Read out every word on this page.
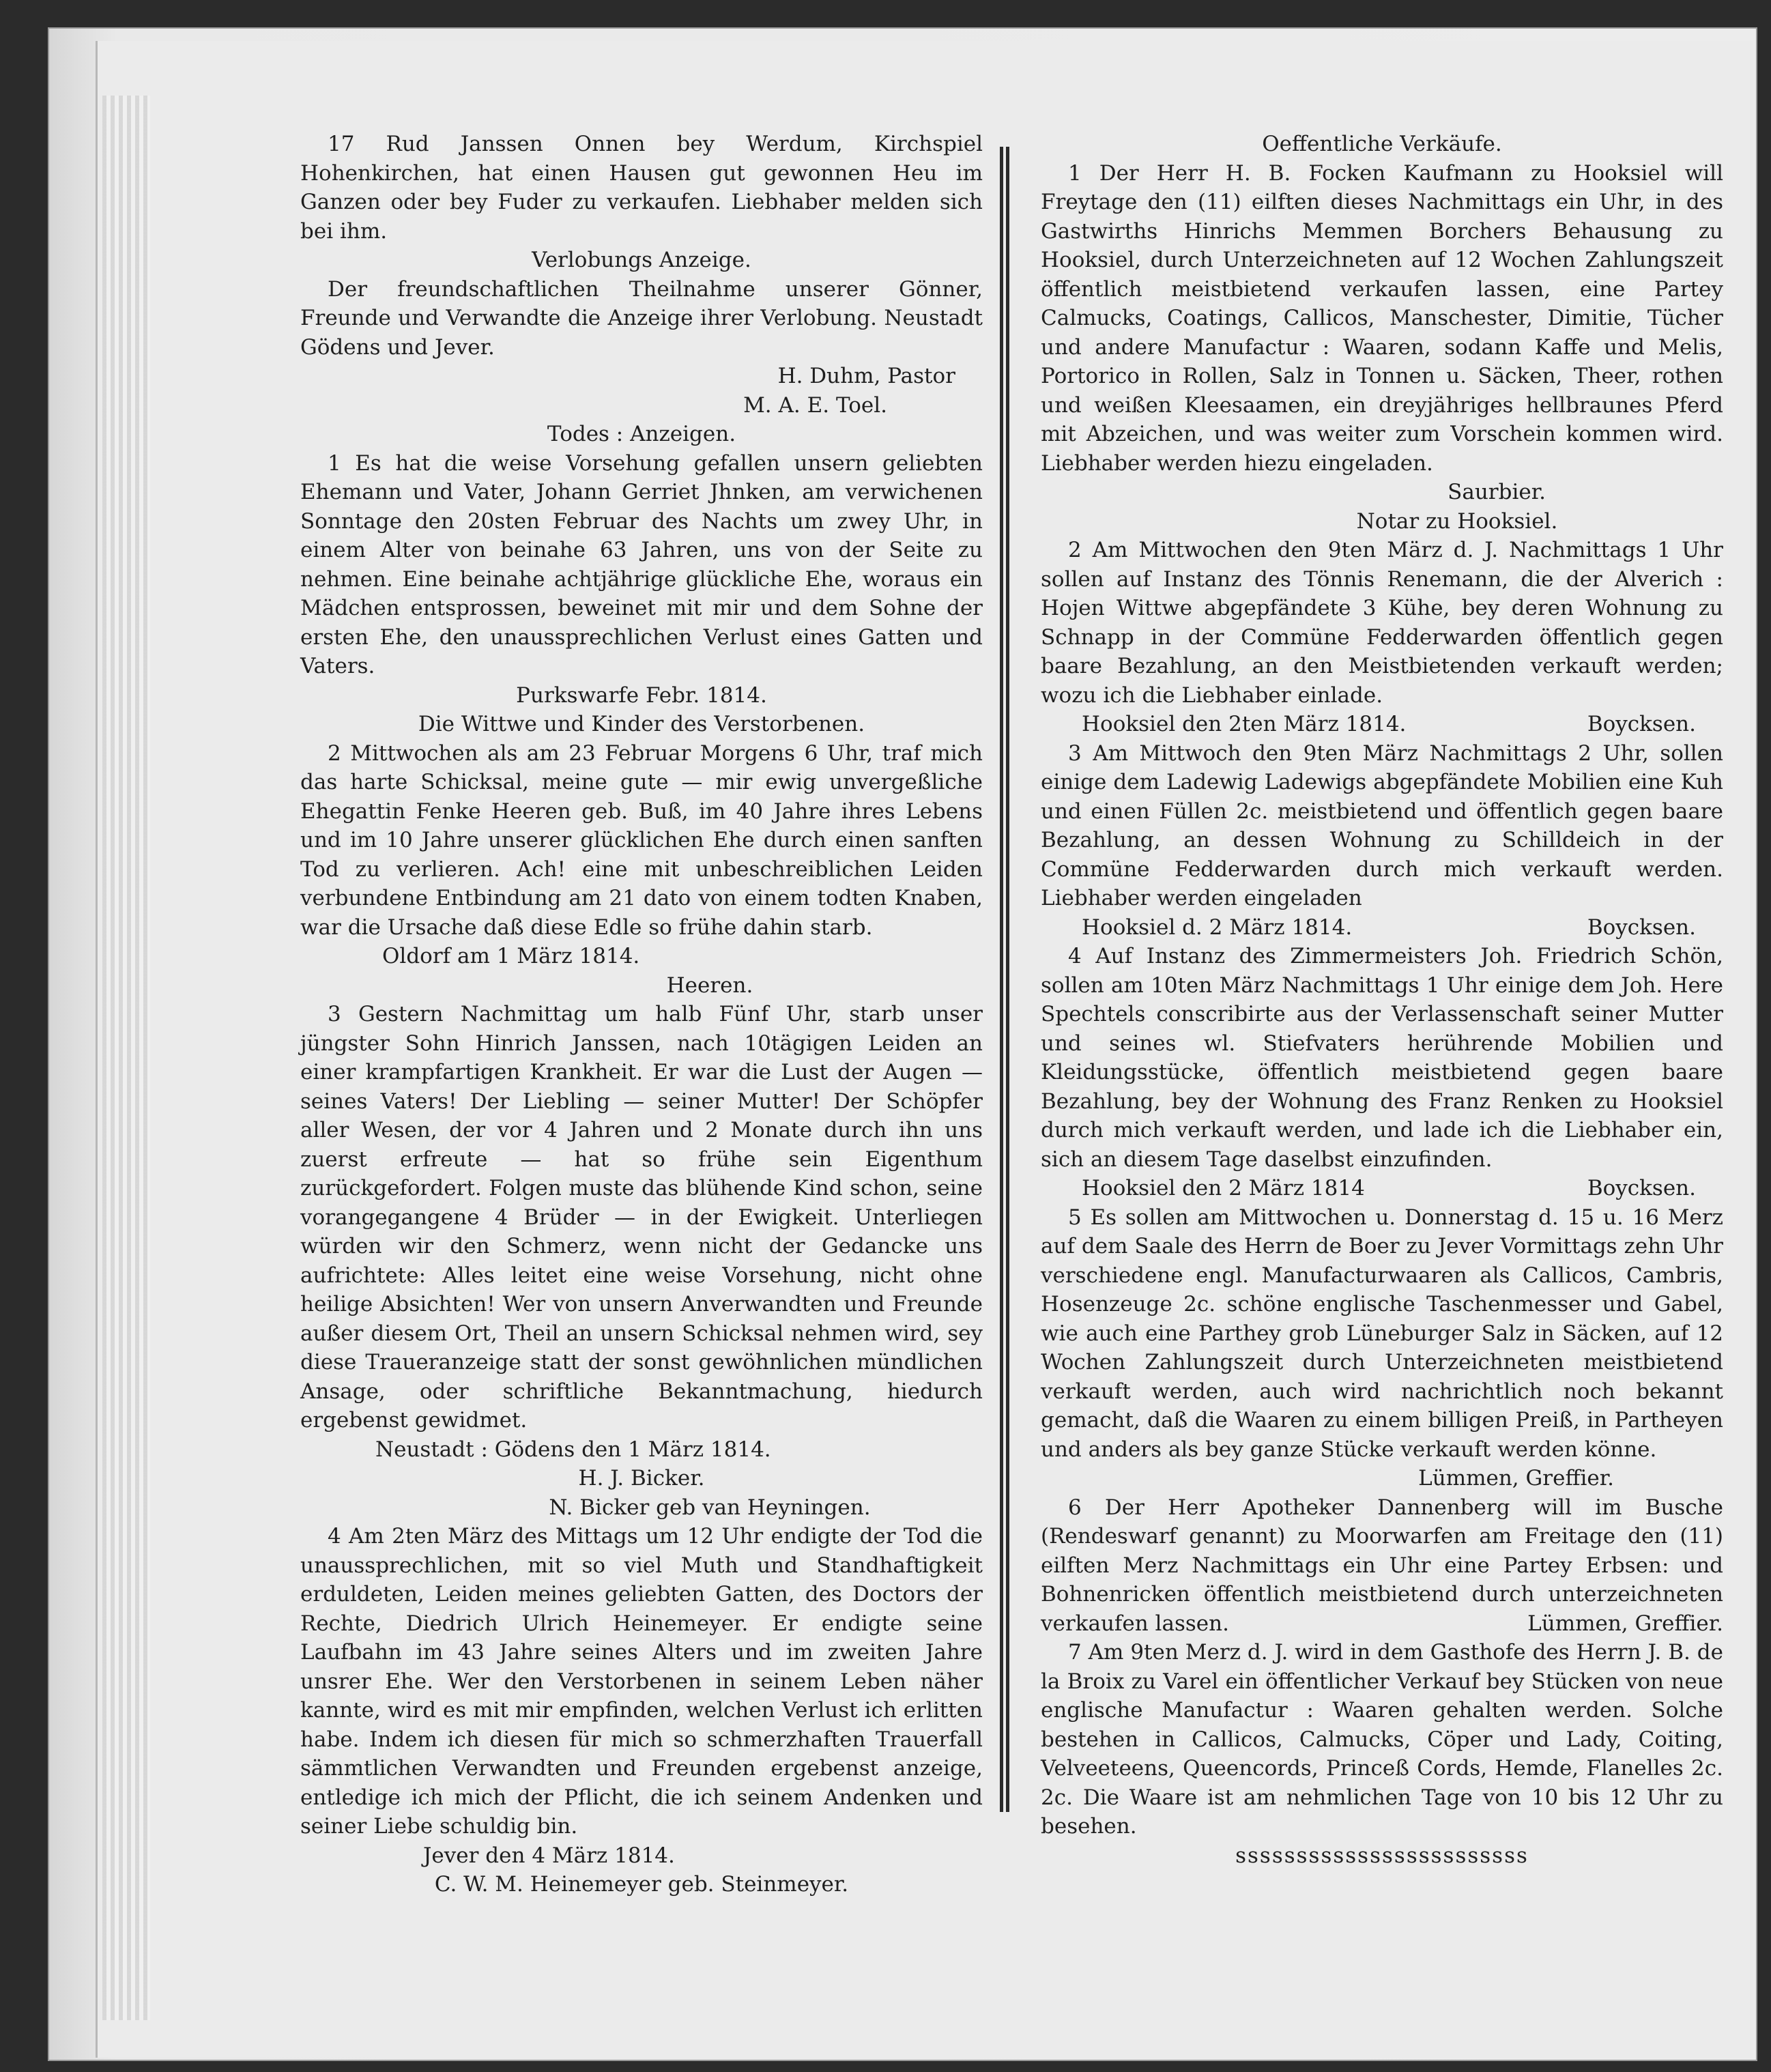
17 Rud Janssen Onnen bey Werdum, Kirchspiel Hohenkirchen, hat einen Hausen gut gewonnen Heu im Ganzen oder bey Fuder zu verkaufen. Liebhaber melden sich bei ihm.

Verlobungs Anzeige.

Der freundschaftlichen Theilnahme unserer Gönner, Freunde und Verwandte die Anzeige ihrer Verlobung. Neustadt Gödens und Jever.

H. Duhm, Pastor

M. A. E. Toel.

Todes : Anzeigen.

1 Es hat die weise Vorsehung gefallen unsern geliebten Ehemann und Vater, Johann Gerriet Jhnken, am verwichenen Sonntage den 20sten Februar des Nachts um zwey Uhr, in einem Alter von beinahe 63 Jahren, uns von der Seite zu nehmen. Eine beinahe achtjährige glückliche Ehe, woraus ein Mädchen entsprossen, beweinet mit mir und dem Sohne der ersten Ehe, den unaussprechlichen Verlust eines Gatten und Vaters.

Purkswarfe Febr. 1814.

Die Wittwe und Kinder des Verstorbenen.

2 Mittwochen als am 23 Februar Morgens 6 Uhr, traf mich das harte Schicksal, meine gute — mir ewig unvergeßliche Ehegattin Fenke Heeren geb. Buß, im 40 Jahre ihres Lebens und im 10 Jahre unserer glücklichen Ehe durch einen sanften Tod zu verlieren. Ach! eine mit unbeschreiblichen Leiden verbundene Entbindung am 21 dato von einem todten Knaben, war die Ursache daß diese Edle so frühe dahin starb.

Oldorf am 1 März 1814.

Heeren.

3 Gestern Nachmittag um halb Fünf Uhr, starb unser jüngster Sohn Hinrich Janssen, nach 10tägigen Leiden an einer krampfartigen Krankheit. Er war die Lust der Augen — seines Vaters! Der Liebling — seiner Mutter! Der Schöpfer aller Wesen, der vor 4 Jahren und 2 Monate durch ihn uns zuerst erfreute — hat so frühe sein Eigenthum zurückgefordert. Folgen muste das blühende Kind schon, seine vorangegangene 4 Brüder — in der Ewigkeit. Unterliegen würden wir den Schmerz, wenn nicht der Gedancke uns aufrichtete: Alles leitet eine weise Vorsehung, nicht ohne heilige Absichten! Wer von unsern Anverwandten und Freunde außer diesem Ort, Theil an unsern Schicksal nehmen wird, sey diese Traueranzeige statt der sonst gewöhnlichen mündlichen Ansage, oder schriftliche Bekanntmachung, hiedurch ergebenst gewidmet.

Neustadt : Gödens den 1 März 1814.

H. J. Bicker.

N. Bicker geb van Heyningen.

4 Am 2ten März des Mittags um 12 Uhr endigte der Tod die unaussprechlichen, mit so viel Muth und Standhaftigkeit erduldeten, Leiden meines geliebten Gatten, des Doctors der Rechte, Diedrich Ulrich Heinemeyer. Er endigte seine Laufbahn im 43 Jahre seines Alters und im zweiten Jahre unsrer Ehe. Wer den Verstorbenen in seinem Leben näher kannte, wird es mit mir empfinden, welchen Verlust ich erlitten habe. Indem ich diesen für mich so schmerzhaften Trauerfall sämmtlichen Verwandten und Freunden ergebenst anzeige, entledige ich mich der Pflicht, die ich seinem Andenken und seiner Liebe schuldig bin.

Jever den 4 März 1814.

C. W. M. Heinemeyer geb. Steinmeyer.

Oeffentliche Verkäufe.

1 Der Herr H. B. Focken Kaufmann zu Hooksiel will Freytage den (11) eilften dieses Nachmittags ein Uhr, in des Gastwirths Hinrichs Memmen Borchers Behausung zu Hooksiel, durch Unterzeichneten auf 12 Wochen Zahlungszeit öffentlich meistbietend verkaufen lassen, eine Partey Calmucks, Coatings, Callicos, Manschester, Dimitie, Tücher und andere Manufactur : Waaren, sodann Kaffe und Melis, Portorico in Rollen, Salz in Tonnen u. Säcken, Theer, rothen und weißen Kleesaamen, ein dreyjähriges hellbraunes Pferd mit Abzeichen, und was weiter zum Vorschein kommen wird. Liebhaber werden hiezu eingeladen.

Saurbier.

Notar zu Hooksiel.

2 Am Mittwochen den 9ten März d. J. Nachmittags 1 Uhr sollen auf Instanz des Tönnis Renemann, die der Alverich : Hojen Wittwe abgepfändete 3 Kühe, bey deren Wohnung zu Schnapp in der Commüne Fedderwarden öffentlich gegen baare Bezahlung, an den Meistbietenden verkauft werden; wozu ich die Liebhaber einlade.

Hooksiel den 2ten März 1814.	Boycksen.

3 Am Mittwoch den 9ten März Nachmittags 2 Uhr, sollen einige dem Ladewig Ladewigs abgepfändete Mobilien eine Kuh und einen Füllen 2c. meistbietend und öffentlich gegen baare Bezahlung, an dessen Wohnung zu Schilldeich in der Commüne Fedderwarden durch mich verkauft werden. Liebhaber werden eingeladen

Hooksiel d. 2 März 1814.	Boycksen.

4 Auf Instanz des Zimmermeisters Joh. Friedrich Schön, sollen am 10ten März Nachmittags 1 Uhr einige dem Joh. Here Spechtels conscribirte aus der Verlassenschaft seiner Mutter und seines wl. Stiefvaters herührende Mobilien und Kleidungsstücke, öffentlich meistbietend gegen baare Bezahlung, bey der Wohnung des Franz Renken zu Hooksiel durch mich verkauft werden, und lade ich die Liebhaber ein, sich an diesem Tage daselbst einzufinden.

Hooksiel den 2 März 1814	Boycksen.

5 Es sollen am Mittwochen u. Donnerstag d. 15 u. 16 Merz auf dem Saale des Herrn de Boer zu Jever Vormittags zehn Uhr verschiedene engl. Manufacturwaaren als Callicos, Cambris, Hosenzeuge 2c. schöne englische Taschenmesser und Gabel, wie auch eine Parthey grob Lüneburger Salz in Säcken, auf 12 Wochen Zahlungszeit durch Unterzeichneten meistbietend verkauft werden, auch wird nachrichtlich noch bekannt gemacht, daß die Waaren zu einem billigen Preiß, in Partheyen und anders als bey ganze Stücke verkauft werden könne.

Lümmen, Greffier.

6 Der Herr Apotheker Dannenberg will im Busche (Rendeswarf genannt) zu Moorwarfen am Freitage den (11) eilften Merz Nachmittags ein Uhr eine Partey Erbsen: und Bohnenricken öffentlich meistbietend durch unterzeichneten verkaufen lassen.	Lümmen, Greffier.

7 Am 9ten Merz d. J. wird in dem Gasthofe des Herrn J. B. de la Broix zu Varel ein öffentlicher Verkauf bey Stücken von neue englische Manufactur : Waaren gehalten werden. Solche bestehen in Callicos, Calmucks, Cöper und Lady, Coiting, Velveeteens, Queencords, Princeß Cords, Hemde, Flanelles 2c. 2c. Die Waare ist am nehmlichen Tage von 10 bis 12 Uhr zu besehen.

ssssssssssssssssssssssss
